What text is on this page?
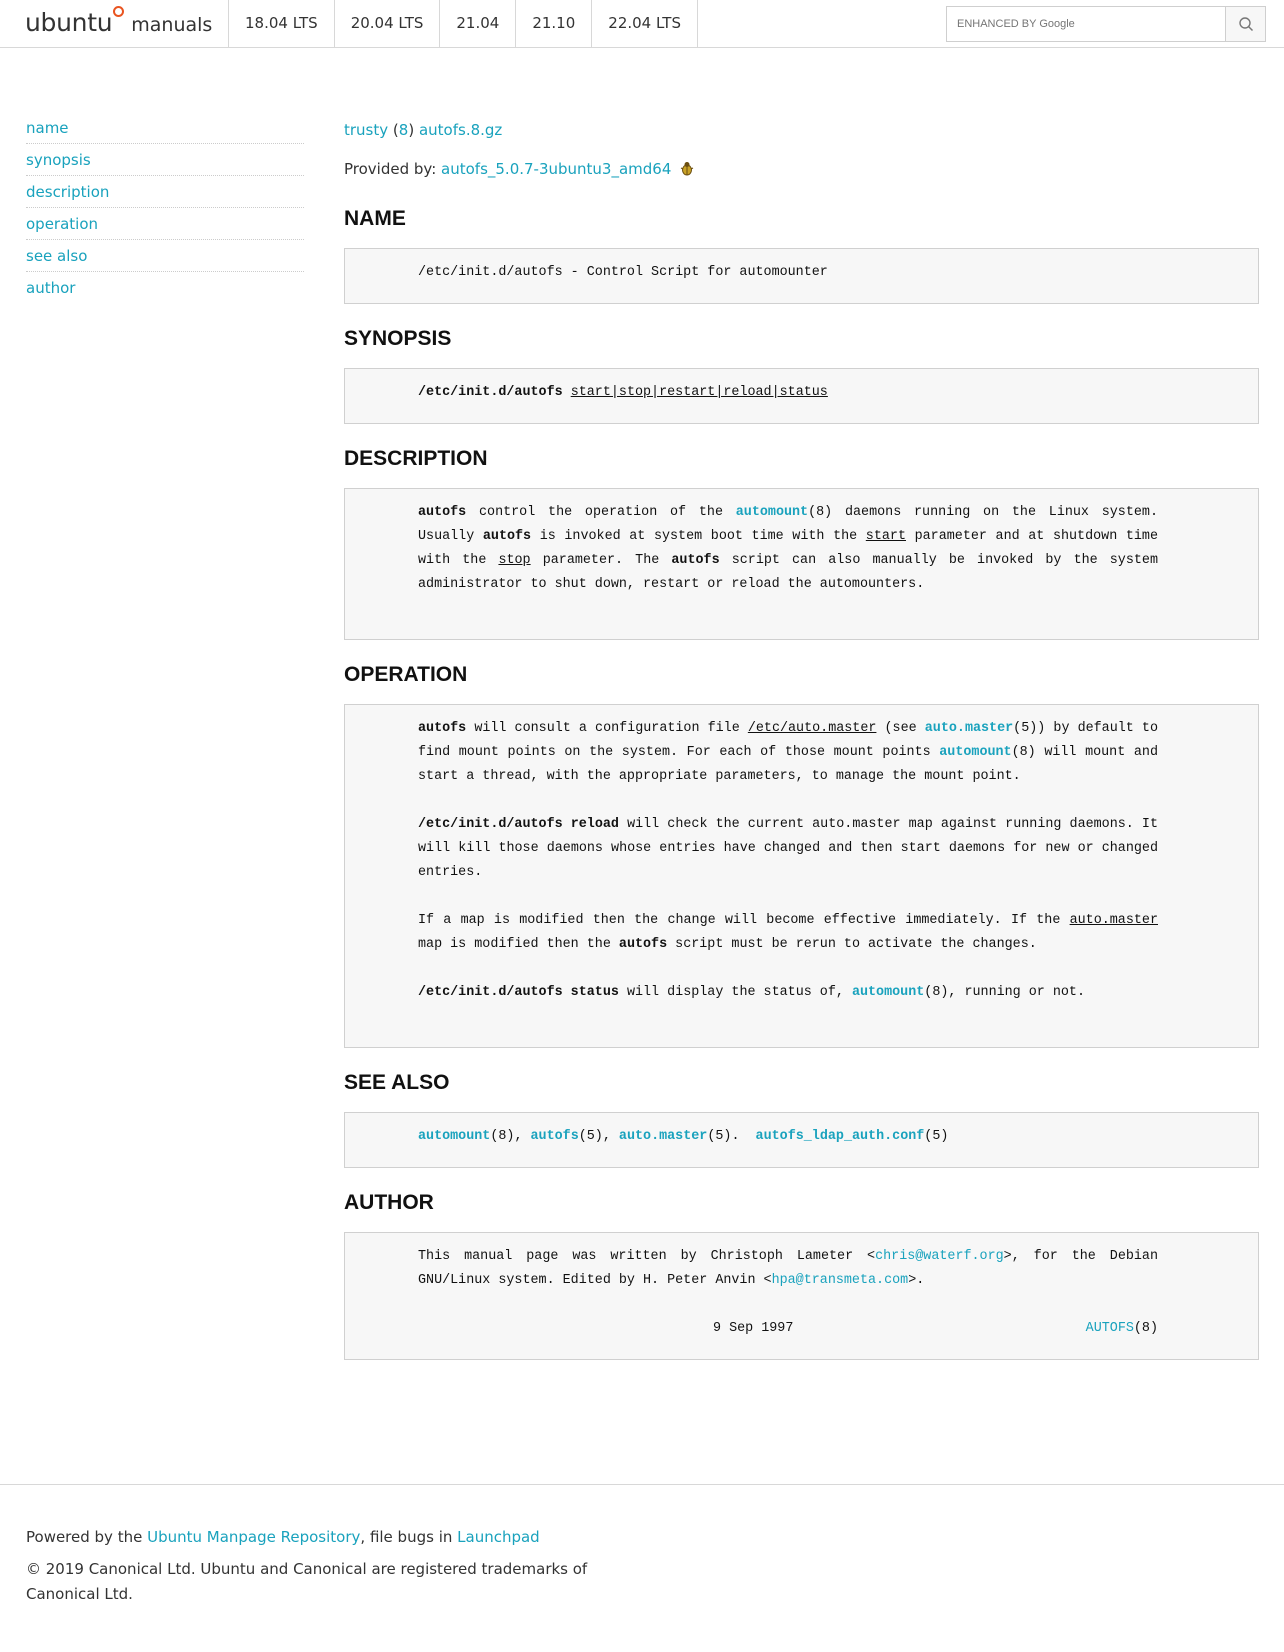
ubuntu manuals	18.04 LTS	20.04 LTS	21.04	21.10	22.04 LTS
ENHANCED BY Google
name
synopsis
description
operation
see also
author
trusty (8) autofs.8.gz
Provided by: autofs_5.0.7-3ubuntu3_amd64
NAME
/etc/init.d/autofs - Control Script for automounter

SYNOPSIS
/etc/init.d/autofs start|stop|restart|reload|status

DESCRIPTION
autofs control the operation of the automount(8) daemons running on the Linux system. Usually autofs is invoked at system boot time with the start parameter and at shutdown time with the stop parameter. The autofs script can also manually be invoked by the system administrator to shut down, restart or reload the automounters.

OPERATION
autofs will consult a configuration file /etc/auto.master (see auto.master(5)) by default to find mount points on the system. For each of those mount points automount(8) will mount and start a thread, with the appropriate parameters, to manage the mount point.
/etc/init.d/autofs reload will check the current auto.master map against running daemons. It will kill those daemons whose entries have changed and then start daemons for new or changed entries.
If a map is modified then the change will become effective immediately. If the auto.master map is modified then the autofs script must be rerun to activate the changes.
/etc/init.d/autofs status will display the status of, automount(8), running or not.

SEE ALSO
automount(8), autofs(5), auto.master(5).  autofs_ldap_auth.conf(5)

AUTHOR
This manual page was written by Christoph Lameter <chris@waterf.org>, for the Debian GNU/Linux system. Edited by H. Peter Anvin <hpa@transmeta.com>.
9 Sep 1997	AUTOFS(8)

Powered by the Ubuntu Manpage Repository, file bugs in Launchpad

© 2019 Canonical Ltd. Ubuntu and Canonical are registered trademarks of Canonical Ltd.
